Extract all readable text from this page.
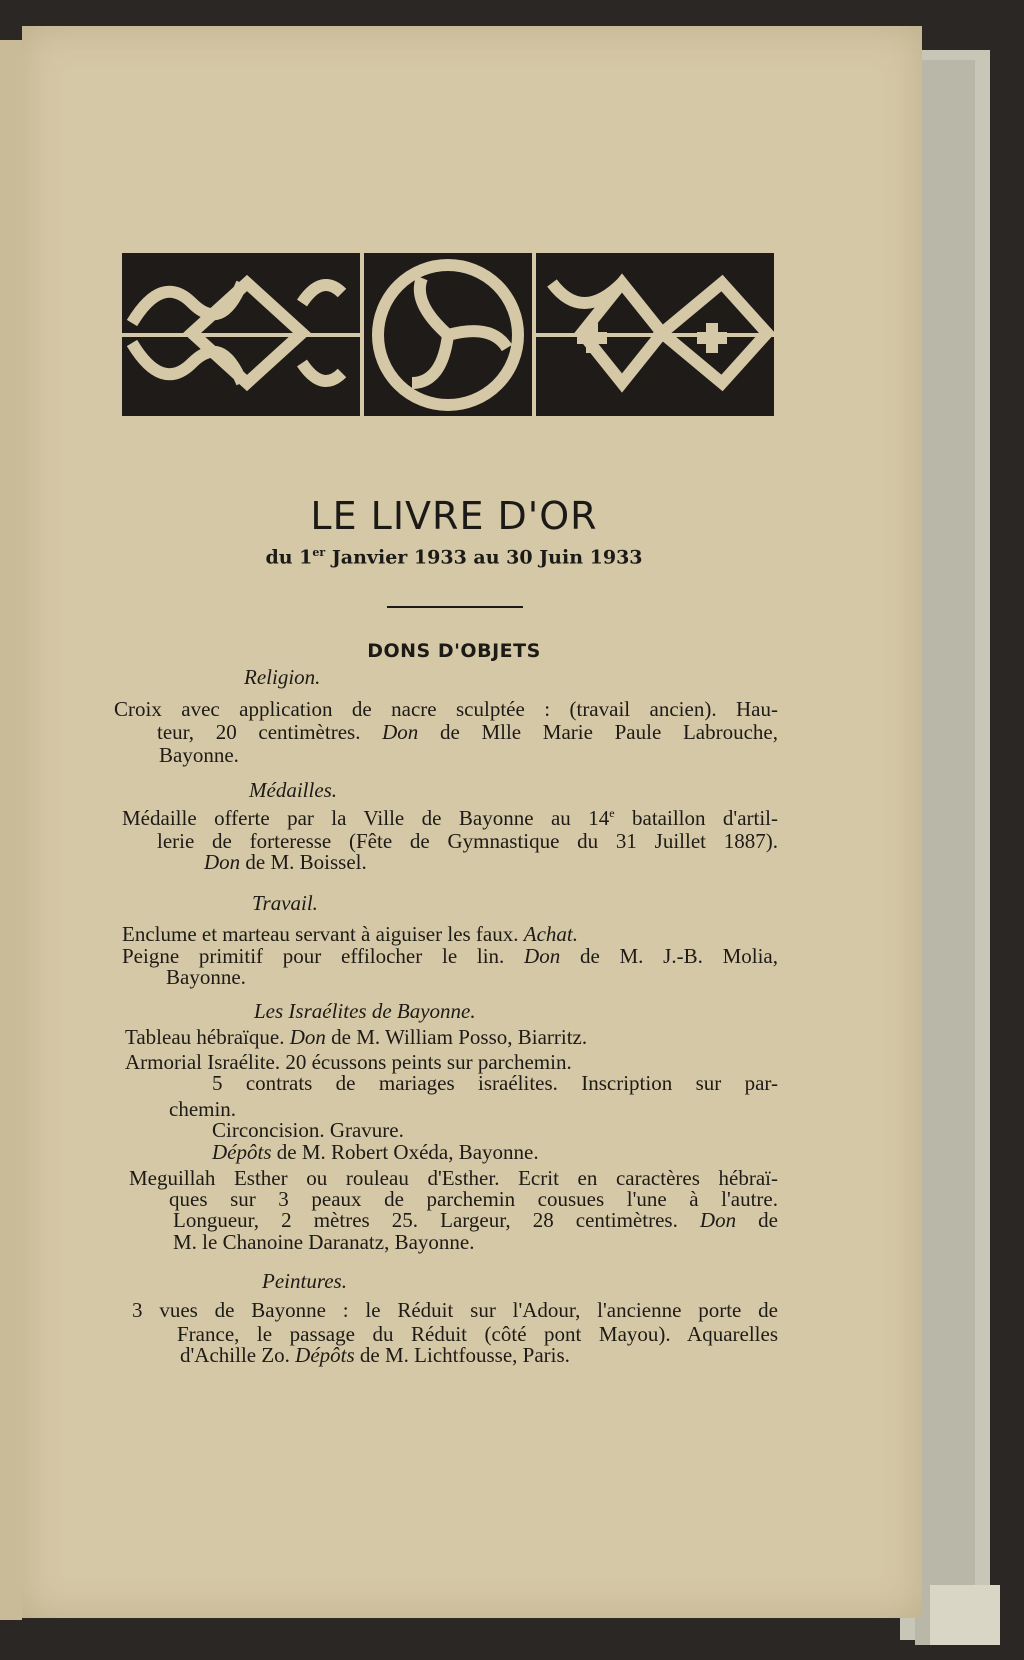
LE LIVRE D'OR
du 1er Janvier 1933 au 30 Juin 1933
DONS D'OBJETS
Religion.
Médailles.
Travail.
Les Israélites de Bayonne.
Peintures.
Croix avec application de nacre sculptée : (travail ancien). Hau-
teur, 20 centimètres. Don de Mlle Marie Paule Labrouche,
Bayonne.
Médaille offerte par la Ville de Bayonne au 14e bataillon d'artil-
lerie de forteresse (Fête de Gymnastique du 31 Juillet 1887).
Don de M. Boissel.
Enclume et marteau servant à aiguiser les faux. Achat.
Peigne primitif pour effilocher le lin. Don de M. J.-B. Molia,
Bayonne.
Tableau hébraïque. Don de M. William Posso, Biarritz.
Armorial Israélite. 20 écussons peints sur parchemin.
5 contrats de mariages israélites. Inscription sur par-
chemin.
Circoncision. Gravure.
Dépôts de M. Robert Oxéda, Bayonne.
Meguillah Esther ou rouleau d'Esther. Ecrit en caractères hébraï-
ques sur 3 peaux de parchemin cousues l'une à l'autre.
Longueur, 2 mètres 25. Largeur, 28 centimètres. Don de
M. le Chanoine Daranatz, Bayonne.
3 vues de Bayonne : le Réduit sur l'Adour, l'ancienne porte de
France, le passage du Réduit (côté pont Mayou). Aquarelles
d'Achille Zo. Dépôts de M. Lichtfousse, Paris.
